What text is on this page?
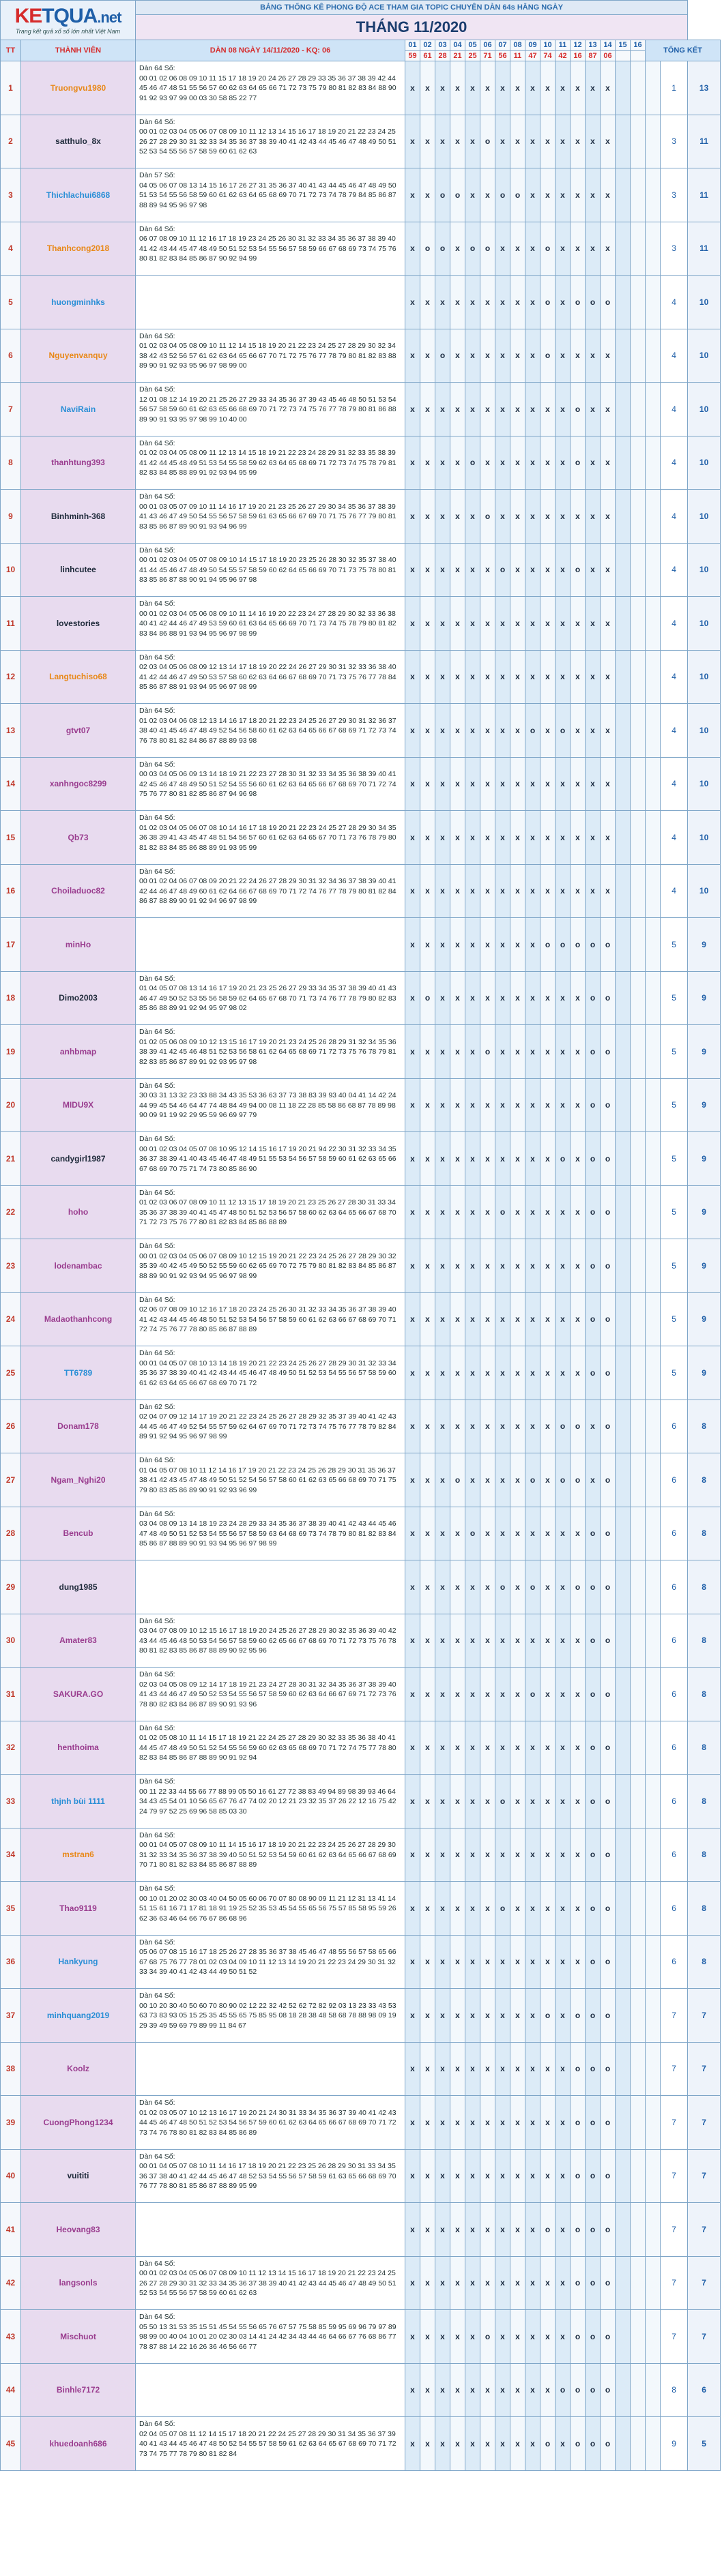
KETQUA.net
Trang kết quả xổ số lớn nhất Việt Nam		BẢNG THỐNG KÊ PHONG ĐỘ ACE THAM GIA TOPIC CHUYÊN DÀN 64s HẰNG NGÀY																			
		THÁNG 11/2020																			

TT	THÀNH VIÊN	DÀN 08 NGÀY 14/11/2020 - KQ: 06	01	02	03	04	05	06	07	08	09	10	11	12	13	14	15	16	TỔNG KẾT		
			59	61	28	21	25	71	56	11	47	74	42	16	87	06					
1	Truongvu1980	Dàn 64 Số:
00 01 02 06 08 09 10 11 15 17 18 19 20 24 26 27 28 29 33 35 36 37 38 39 42 44 45 46 47 48 51 55 56 57 60 62 63 64 65 66 71 72 73 75 79 80 81 82 83 84 88 90 91 92 93 97 99 00 03 30 58 85 22 77	x	x	x	x	x	x	x	x	x	x	x	x	x	x				1	13
2	satthulo_8x	Dàn 64 Số:
00 01 02 03 04 05 06 07 08 09 10 11 12 13 14 15 16 17 18 19 20 21 22 23 24 25 26 27 28 29 30 31 32 33 34 35 36 37 38 39 40 41 42 43 44 45 46 47 48 49 50 51 52 53 54 55 56 57 58 59 60 61 62 63	x	x	x	x	x	o	x	x	x	x	x	x	x	x				3	11
3	Thichlachui6868	Dàn 57 Số:
04 05 06 07 08 13 14 15 16 17 26 27 31 35 36 37 40 41 43 44 45 46 47 48 49 50 51 53 54 55 56 58 59 60 61 62 63 64 65 68 69 70 71 72 73 74 78 79 84 85 86 87 88 89 94 95 96 97 98	x	x	o	o	x	x	o	o	x	x	x	x	x	x				3	11
4	Thanhcong2018	Dàn 64 Số:
06 07 08 09 10 11 12 16 17 18 19 23 24 25 26 30 31 32 33 34 35 36 37 38 39 40 41 42 43 44 45 47 48 49 50 51 52 53 54 55 56 57 58 59 66 67 68 69 73 74 75 76 80 81 82 83 84 85 86 87 90 92 94 99	x	o	o	x	o	o	x	x	x	o	x	x	x	x				3	11
5	huongminhks		x	x	x	x	x	x	x	x	x	o	x	o	o	o				4	10
6	Nguyenvanquy	Dàn 64 Số:
01 02 03 04 05 08 09 10 11 12 14 15 18 19 20 21 22 23 24 25 27 28 29 30 32 34 38 42 43 52 56 57 61 62 63 64 65 66 67 70 71 72 75 76 77 78 79 80 81 82 83 88 89 90 91 92 93 95 96 97 98 99 00	x	x	o	x	x	x	x	x	x	o	x	x	x	x				4	10
7	NaviRain	Dàn 64 Số:
12 01 08 12 14 19 20 21 25 26 27 29 33 34 35 36 37 39 43 45 46 48 50 51 53 54 56 57 58 59 60 61 62 63 65 66 68 69 70 71 72 73 74 75 76 77 78 79 80 81 86 88 89 90 91 93 95 97 98 99 10 40 00	x	x	x	x	x	x	x	x	x	x	x	o	x	x				4	10
8	thanhtung393	Dàn 64 Số:
01 02 03 04 05 08 09 11 12 13 14 15 18 19 21 22 23 24 28 29 31 32 33 35 38 39 41 42 44 45 48 49 51 53 54 55 58 59 62 63 64 65 68 69 71 72 73 74 75 78 79 81 82 83 84 85 88 89 91 92 93 94 95 99	x	x	x	x	o	x	x	x	x	x	x	o	x	x				4	10
9	Binhminh-368	Dàn 64 Số:
00 01 03 05 07 09 10 11 14 16 17 19 20 21 23 25 26 27 29 30 34 35 36 37 38 39 41 43 46 47 49 50 54 55 56 57 58 59 61 63 65 66 67 69 70 71 75 76 77 79 80 81 83 85 86 87 89 90 91 93 94 96 99	x	x	x	x	x	o	x	x	x	x	x	x	x	x				4	10
10	linhcutee	Dàn 64 Số:
00 01 02 03 04 05 07 08 09 10 14 15 17 18 19 20 23 25 26 28 30 32 35 37 38 40 41 44 45 46 47 48 49 50 54 55 57 58 59 60 62 64 65 66 69 70 71 73 75 78 80 81 83 85 86 87 88 90 91 94 95 96 97 98	x	x	x	x	x	x	o	x	x	x	x	o	x	x				4	10
11	lovestories	Dàn 64 Số:
00 01 02 03 04 05 06 08 09 10 11 14 16 19 20 22 23 24 27 28 29 30 32 33 36 38 40 41 42 44 46 47 49 53 59 60 61 63 64 65 66 69 70 71 73 74 75 78 79 80 81 82 83 84 86 88 91 93 94 95 96 97 98 99	x	x	x	x	x	x	x	x	x	x	x	x	x	x				4	10
12	Langtuchiso68	Dàn 64 Số:
02 03 04 05 06 08 09 12 13 14 17 18 19 20 22 24 26 27 29 30 31 32 33 36 38 40 41 42 44 46 47 49 50 53 57 58 60 62 63 64 66 67 68 69 70 71 73 75 76 77 78 84 85 86 87 88 91 93 94 95 96 97 98 99	x	x	x	x	x	x	x	x	x	x	x	x	x	x				4	10
13	gtvt07	Dàn 64 Số:
01 02 03 04 06 08 12 13 14 16 17 18 20 21 22 23 24 25 26 27 29 30 31 32 36 37 38 40 41 45 46 47 48 49 52 54 56 58 60 61 62 63 64 65 66 67 68 69 71 72 73 74 76 78 80 81 82 84 86 87 88 89 93 98	x	x	x	x	x	x	x	x	o	x	o	x	x	x				4	10
14	xanhngoc8299	Dàn 64 Số:
00 03 04 05 06 09 13 14 18 19 21 22 23 27 28 30 31 32 33 34 35 36 38 39 40 41 42 45 46 47 48 49 50 51 52 54 55 56 60 61 62 63 64 65 66 67 68 69 70 71 72 74 75 76 77 80 81 82 85 86 87 94 96 98	x	x	x	x	x	x	x	x	x	x	x	x	x	x				4	10
15	Qb73	Dàn 64 Số:
01 02 03 04 05 06 07 08 10 14 16 17 18 19 20 21 22 23 24 25 27 28 29 30 34 35 36 38 39 41 43 45 47 48 51 54 56 57 60 61 62 63 64 65 67 70 71 73 76 78 79 80 81 82 83 84 85 86 88 89 91 93 95 99	x	x	x	x	x	x	x	x	x	x	x	x	x	x				4	10
16	Choiladuoc82	Dàn 64 Số:
00 01 02 04 06 07 08 09 20 21 22 24 26 27 28 29 30 31 32 34 36 37 38 39 40 41 42 44 46 47 48 49 60 61 62 64 66 67 68 69 70 71 72 74 76 77 78 79 80 81 82 84 86 87 88 89 90 91 92 94 96 97 98 99	x	x	x	x	x	x	x	x	x	x	x	x	x	x				4	10
17	minHo		x	x	x	x	x	x	x	x	x	o	o	o	o	o				5	9
18	Dimo2003	Dàn 64 Số:
01 04 05 07 08 13 14 16 17 19 20 21 23 25 26 27 29 33 34 35 37 38 39 40 41 43 46 47 49 50 52 53 55 56 58 59 62 64 65 67 68 70 71 73 74 76 77 78 79 80 82 83 85 86 88 89 91 92 94 95 97 98 02	x	o	x	x	x	x	x	x	x	x	x	x	o	o				5	9
19	anhbmap	Dàn 64 Số:
01 02 05 06 08 09 10 12 13 15 16 17 19 20 21 23 24 25 26 28 29 31 32 34 35 36 38 39 41 42 45 46 48 51 52 53 56 58 61 62 64 65 68 69 71 72 73 75 76 78 79 81 82 83 85 86 87 89 91 92 93 95 97 98	x	x	x	x	x	o	x	x	x	x	x	x	o	o				5	9
20	MIDU9X	Dàn 64 Số:
30 03 31 13 32 23 33 88 34 43 35 53 36 63 37 73 38 83 39 93 40 04 41 14 42 24 44 99 45 54 46 64 47 74 48 84 49 94 00 08 11 18 22 28 85 58 86 68 87 78 89 98 90 09 91 19 92 29 95 59 96 69 97 79	x	x	x	x	x	x	x	x	x	x	x	x	o	o				5	9
21	candygirl1987	Dàn 64 Số:
00 01 02 03 04 05 07 08 10 95 12 14 15 16 17 19 20 21 94 22 30 31 32 33 34 35 36 37 38 39 41 40 43 45 46 47 48 49 51 55 53 54 56 57 58 59 60 61 62 63 65 66 67 68 69 70 75 71 74 73 80 85 86 90	x	x	x	x	x	x	x	x	x	x	o	x	o	o				5	9
22	hoho	Dàn 64 Số:
01 02 03 06 07 08 09 10 11 12 13 15 17 18 19 20 21 23 25 26 27 28 30 31 33 34 35 36 37 38 39 40 41 45 47 48 50 51 52 53 56 57 58 60 62 63 64 65 66 67 68 70 71 72 73 75 76 77 80 81 82 83 84 85 86 88 89	x	x	x	x	x	x	o	x	x	x	x	x	o	o				5	9
23	lodenambac	Dàn 64 Số:
00 01 02 03 04 05 06 07 08 09 10 12 15 19 20 21 22 23 24 25 26 27 28 29 30 32 35 39 40 42 45 49 50 52 55 59 60 62 65 69 70 72 75 79 80 81 82 83 84 85 86 87 88 89 90 91 92 93 94 95 96 97 98 99	x	x	x	x	x	x	x	x	x	x	x	x	o	o				5	9
24	Madaothanhcong	Dàn 64 Số:
02 06 07 08 09 10 12 16 17 18 20 23 24 25 26 30 31 32 33 34 35 36 37 38 39 40 41 42 43 44 45 46 48 50 51 52 53 54 56 57 58 59 60 61 62 63 66 67 68 69 70 71 72 74 75 76 77 78 80 85 86 87 88 89	x	x	x	x	x	x	x	x	x	x	x	x	o	o				5	9
25	TT6789	Dàn 64 Số:
00 01 04 05 07 08 10 13 14 18 19 20 21 22 23 24 25 26 27 28 29 30 31 32 33 34 35 36 37 38 39 40 41 42 43 44 45 46 47 48 49 50 51 52 53 54 55 56 57 58 59 60 61 62 63 64 65 66 67 68 69 70 71 72	x	x	x	x	x	x	x	x	x	x	x	x	o	o				5	9
26	Donam178	Dàn 62 Số:
02 04 07 09 12 14 17 19 20 21 22 23 24 25 26 27 28 29 32 35 37 39 40 41 42 43 44 45 46 47 49 52 54 55 57 59 62 64 67 69 70 71 72 73 74 75 76 77 78 79 82 84 89 91 92 94 95 96 97 98 99	x	x	x	x	x	x	x	x	x	x	o	o	x	o				6	8
27	Ngam_Nghi20	Dàn 64 Số:
01 04 05 07 08 10 11 12 14 16 17 19 20 21 22 23 24 25 26 28 29 30 31 35 36 37 38 41 42 43 45 47 48 49 50 51 52 54 56 57 58 60 61 62 63 65 66 68 69 70 71 75 79 80 83 85 86 89 90 91 92 93 96 99	x	x	x	o	x	x	x	x	o	x	o	o	x	o				6	8
28	Bencub	Dàn 64 Số:
03 04 08 09 13 14 18 19 23 24 28 29 33 34 35 36 37 38 39 40 41 42 43 44 45 46 47 48 49 50 51 52 53 54 55 56 57 58 59 63 64 68 69 73 74 78 79 80 81 82 83 84 85 86 87 88 89 90 91 93 94 95 96 97 98 99	x	x	x	x	o	x	x	x	x	x	x	x	o	o				6	8
29	dung1985		x	x	x	x	x	x	o	x	o	x	x	o	o	o				6	8
30	Amater83	Dàn 64 Số:
03 04 07 08 09 10 12 15 16 17 18 19 20 24 25 26 27 28 29 30 32 35 36 39 40 42 43 44 45 46 48 50 53 54 56 57 58 59 60 62 65 66 67 68 69 70 71 72 73 75 76 78 80 81 82 83 85 86 87 88 89 90 92 95 96	x	x	x	x	x	x	x	x	x	x	x	x	o	o				6	8
31	SAKURA.GO	Dàn 64 Số:
02 03 04 05 08 09 12 14 17 18 19 21 23 24 27 28 30 31 32 34 35 36 37 38 39 40 41 43 44 46 47 49 50 52 53 54 55 56 57 58 59 60 62 63 64 66 67 69 71 72 73 76 78 80 82 83 84 86 87 89 90 91 93 96	x	x	x	x	x	x	x	x	o	x	x	x	o	o				6	8
32	henthoima	Dàn 64 Số:
01 02 05 08 10 11 14 15 17 18 19 21 22 24 25 27 28 29 30 32 33 35 36 38 40 41 44 45 47 48 49 50 51 52 54 55 56 59 60 62 63 65 68 69 70 71 72 74 75 77 78 80 82 83 84 85 86 87 88 89 90 91 92 94	x	x	x	x	x	x	x	x	x	x	x	x	o	o				6	8
33	thjnh bùi 1111	Dàn 64 Số:
00 11 22 33 44 55 66 77 88 99 05 50 16 61 27 72 38 83 49 94 89 98 39 93 46 64 34 43 45 54 01 10 56 65 67 76 47 74 02 20 12 21 23 32 35 37 26 22 12 16 75 42 24 79 97 52 25 69 96 58 85 03 30	x	x	x	x	x	x	o	x	x	x	x	x	o	o				6	8
34	mstran6	Dàn 64 Số:
00 01 04 05 07 08 09 10 11 14 15 16 17 18 19 20 21 22 23 24 25 26 27 28 29 30 31 32 33 34 35 36 37 38 39 40 50 51 52 53 54 59 60 61 62 63 64 65 66 67 68 69 70 71 80 81 82 83 84 85 86 87 88 89	x	x	x	x	x	x	x	x	x	x	x	x	o	o				6	8
35	Thao9119	Dàn 64 Số:
00 10 01 20 02 30 03 40 04 50 05 60 06 70 07 80 08 90 09 11 21 12 31 13 41 14 51 15 61 16 71 17 81 18 91 19 25 52 35 53 45 54 55 65 56 75 57 85 58 95 59 26 62 36 63 46 64 66 76 67 86 68 96	x	x	x	x	x	x	o	x	x	x	x	x	o	o				6	8
36	Hankyung	Dàn 64 Số:
05 06 07 08 15 16 17 18 25 26 27 28 35 36 37 38 45 46 47 48 55 56 57 58 65 66 67 68 75 76 77 78 01 02 03 04 09 10 11 12 13 14 19 20 21 22 23 24 29 30 31 32 33 34 39 40 41 42 43 44 49 50 51 52	x	x	x	x	x	x	x	x	x	x	x	x	o	o				6	8
37	minhquang2019	Dàn 64 Số:
00 10 20 30 40 50 60 70 80 90 02 12 22 32 42 52 62 72 82 92 03 13 23 33 43 53 63 73 83 93 05 15 25 35 45 55 65 75 85 95 08 18 28 38 48 58 68 78 88 98 09 19 29 39 49 59 69 79 89 99 11 84 67	x	x	x	x	x	x	x	x	x	o	x	o	o	o				7	7
38	Koolz		x	x	x	x	x	x	x	x	x	x	x	o	o	o				7	7
39	CuongPhong1234	Dàn 64 Số:
01 02 03 05 07 10 12 13 16 17 19 20 21 24 30 31 33 34 35 36 37 39 40 41 42 43 44 45 46 47 48 50 51 52 53 54 56 57 59 60 61 62 63 64 65 66 67 68 69 70 71 72 73 74 76 78 80 81 82 83 84 85 86 89	x	x	x	x	x	x	x	x	x	x	x	o	o	o				7	7
40	vuititi	Dàn 64 Số:
00 01 04 05 07 08 10 11 14 16 17 18 19 20 21 22 23 25 26 28 29 30 31 33 34 35 36 37 38 40 41 42 44 45 46 47 48 52 53 54 55 56 57 58 59 61 63 65 66 68 69 70 76 77 78 80 81 85 86 87 88 89 95 99	x	x	x	x	x	x	x	x	x	x	x	o	o	o				7	7
41	Heovang83		x	x	x	x	x	x	x	x	x	o	x	o	o	o				7	7
42	langsonls	Dàn 64 Số:
00 01 02 03 04 05 06 07 08 09 10 11 12 13 14 15 16 17 18 19 20 21 22 23 24 25 26 27 28 29 30 31 32 33 34 35 36 37 38 39 40 41 42 43 44 45 46 47 48 49 50 51 52 53 54 55 56 57 58 59 60 61 62 63	x	x	x	x	x	x	x	x	x	x	x	o	o	o				7	7
43	Mischuot	Dàn 64 Số:
05 50 13 31 53 35 15 51 45 54 55 56 65 76 67 57 75 58 85 59 95 69 96 79 97 89 98 99 00 40 04 10 01 20 02 30 03 14 41 24 42 34 43 44 46 64 66 67 76 68 86 77 78 87 88 14 22 16 26 36 46 56 66 77	x	x	x	x	x	o	x	x	x	x	x	o	o	o				7	7
44	Binhle7172		x	x	x	x	x	x	x	x	x	x	o	o	o	o				8	6
45	khuedoanh686	Dàn 64 Số:
02 04 05 07 08 11 12 14 15 17 18 20 21 22 24 25 27 28 29 30 31 34 35 36 37 39 40 41 43 44 45 46 47 48 50 52 54 55 57 58 59 61 62 63 64 65 67 68 69 70 71 72 73 74 75 77 78 79 80 81 82 84	x	x	x	x	x	x	x	x	x	o	x	o	o	o				9	5
